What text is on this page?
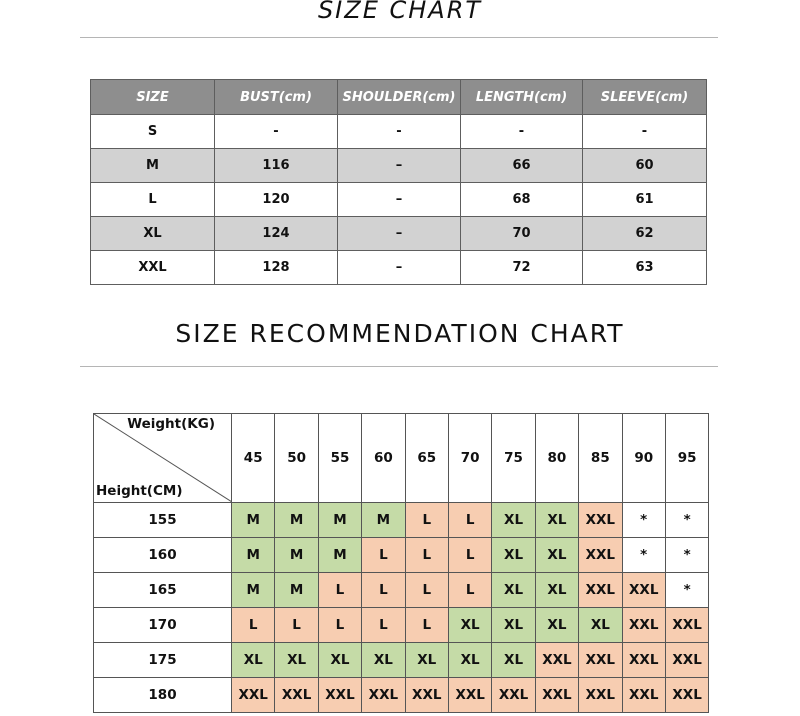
SIZE CHART
SIZE	BUST(cm)	SHOULDER(cm)	LENGTH(cm)	SLEEVE(cm)
S	-	-	-	-
M	116	–	66	60
L	120	–	68	61
XL	124	–	70	62
XXL	128	–	72	63
SIZE RECOMMENDATION CHART
Weight(KG)
Height(CM)	45	50	55	60	65	70	75	80	85	90	95
155	M	M	M	M	L	L	XL	XL	XXL	*	*
160	M	M	M	L	L	L	XL	XL	XXL	*	*
165	M	M	L	L	L	L	XL	XL	XXL	XXL	*
170	L	L	L	L	L	XL	XL	XL	XL	XXL	XXL
175	XL	XL	XL	XL	XL	XL	XL	XXL	XXL	XXL	XXL
180	XXL	XXL	XXL	XXL	XXL	XXL	XXL	XXL	XXL	XXL	XXL
